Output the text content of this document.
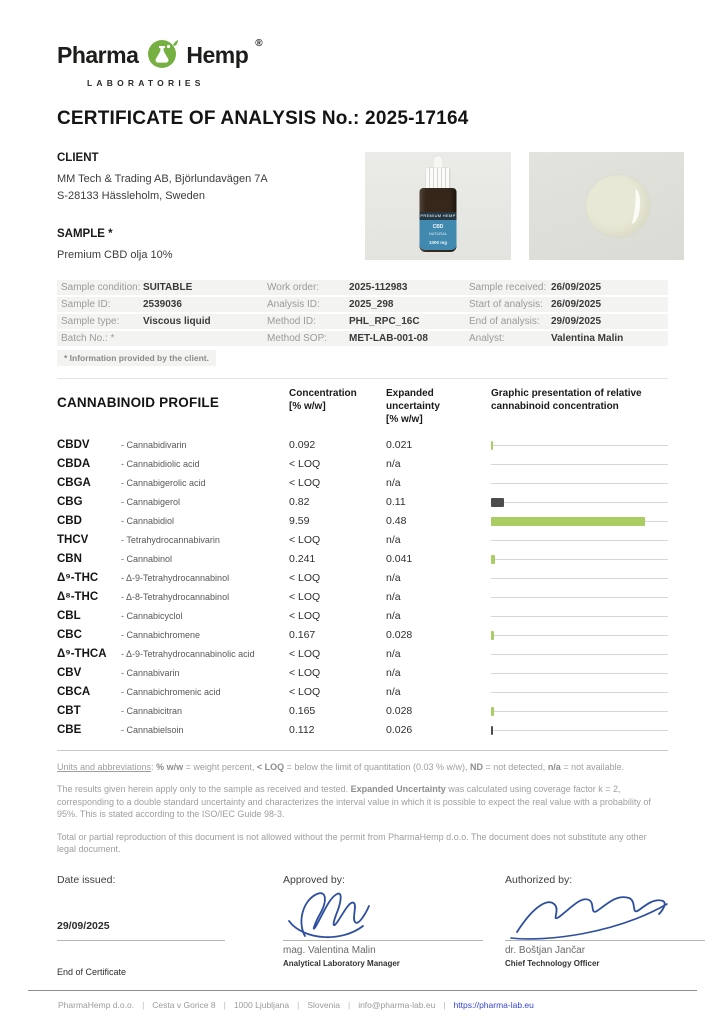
Pharma Hemp ®
LABORATORIES
CERTIFICATE OF ANALYSIS No.: 2025-17164
CLIENT
MM Tech & Trading AB, Björlundavägen 7A
S-28133 Hässleholm, Sweden
SAMPLE *
Premium CBD olja 10%
PREMIUM HEMP
CBD
NATURAL
1000 mg
Sample condition: SUITABLE	Work order:	2025-112983	Sample received: 26/09/2025
Sample ID:	2539036	Analysis ID:	2025_298	Start of analysis: 26/09/2025
Sample type:	Viscous liquid	Method ID:	PHL_RPC_16C	End of analysis:	29/09/2025
Batch No.: *	Method SOP:	MET-LAB-001-08	Analyst:	Valentina Malin
* Information provided by the client.
CANNABINOID PROFILE
Concentration
[% w/w]
Expanded uncertainty
[% w/w]
Graphic presentation of relative cannabinoid concentration
CBDV	- Cannabidivarin	0.092	0.021
CBDA	- Cannabidiolic acid	< LOQ	n/a
CBGA	- Cannabigerolic acid	< LOQ	n/a
CBG	- Cannabigerol	0.82	0.11
CBD	- Cannabidiol	9.59	0.48
THCV	- Tetrahydrocannabivarin	< LOQ	n/a
CBN	- Cannabinol	0.241	0.041
Δ⁹-THC	- Δ-9-Tetrahydrocannabinol	< LOQ	n/a
Δ⁸-THC	- Δ-8-Tetrahydrocannabinol	< LOQ	n/a
CBL	- Cannabicyclol	< LOQ	n/a
CBC	- Cannabichromene	0.167	0.028
Δ⁹-THCA	- Δ-9-Tetrahydrocannabinolic acid	< LOQ	n/a
CBV	- Cannabivarin	< LOQ	n/a
CBCA	- Cannabichromenic acid	< LOQ	n/a
CBT	- Cannabicitran	0.165	0.028
CBE	- Cannabielsoin	0.112	0.026
Units and abbreviations: % w/w = weight percent, < LOQ = below the limit of quantitation (0.03 % w/w), ND = not detected, n/a = not available.
The results given herein apply only to the sample as received and tested. Expanded Uncertainty was calculated using coverage factor k = 2, corresponding to a double standard uncertainty and characterizes the interval value in which it is possible to expect the real value with a probability of 95%. This is stated according to the ISO/IEC Guide 98-3.
Total or partial reproduction of this document is not allowed without the permit from PharmaHemp d.o.o. The document does not substitute any other legal document.
Date issued:
29/09/2025
End of Certificate
Approved by:
mag. Valentina Malin
Analytical Laboratory Manager
Authorized by:
dr. Boštjan Jančar
Chief Technology Officer
PharmaHemp d.o.o. | Cesta v Gorice 8 | 1000 Ljubljana | Slovenia | info@pharma-lab.eu | https://pharma-lab.eu
